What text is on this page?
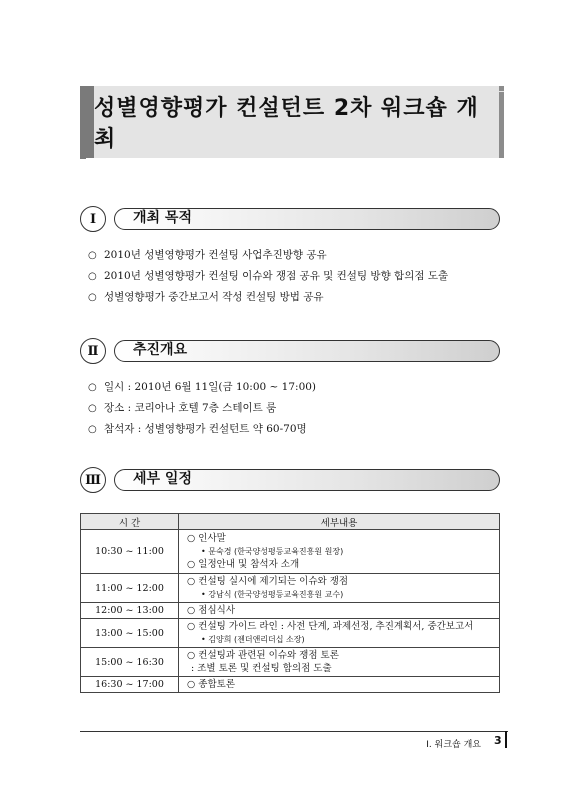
성별영향평가 컨설턴트 2차 워크숍 개최
개최 목적
Ⅰ
○ 2010년 성별영향평가 컨설팅 사업추진방향 공유
○ 2010년 성별영향평가 컨설팅 이슈와 쟁점 공유 및 컨설팅 방향 합의점 도출
○ 성별영향평가 중간보고서 작성 컨설팅 방법 공유
추진개요
Ⅱ
○ 일시 : 2010년 6월 11일(금 10:00 ~ 17:00)
○ 장소 : 코리아나 호텔 7층 스테이트 룸
○ 참석자 : 성별영향평가 컨설턴트 약 60-70명
세부 일정
Ⅲ
시 간	세부내용
10:30 ~ 11:00	○ 인사말
• 문숙경 (한국양성평등교육진흥원 원장)
○ 일정안내 및 참석자 소개

11:00 ~ 12:00	○ 컨설팅 실시에 제기되는 이슈와 쟁점
• 강남식 (한국양성평등교육진흥원 교수)

12:00 ~ 13:00	○ 점심식사

13:00 ~ 15:00	○ 컨설팅 가이드 라인 : 사전 단계, 과제선정, 추진계획서, 중간보고서
• 김양희 (젠더앤리더십 소장)

15:00 ~ 16:30	○ 컨설팅과 관련된 이슈와 쟁점 토론
: 조별 토론 및 컨설팅 합의점 도출

16:30 ~ 17:00	○ 종합토론
Ⅰ. 워크숍 개요 3
